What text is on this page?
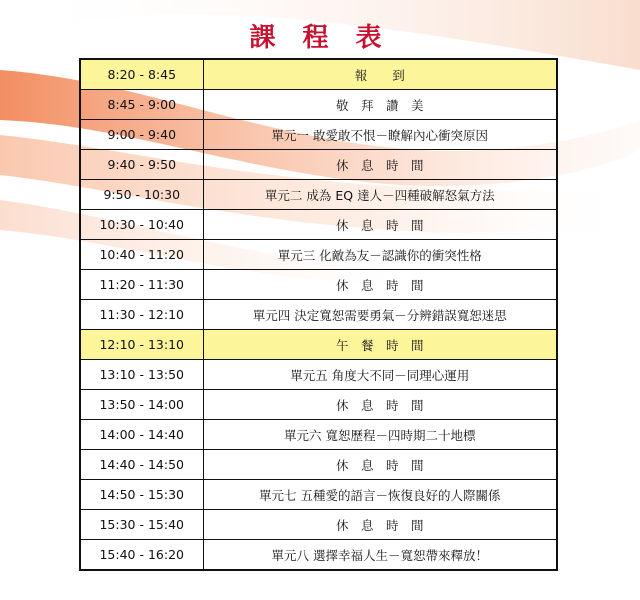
課 程 表
8:20 - 8:45	報　　到
8:45 - 9:00	敬　拜　讚　美
9:00 - 9:40	單元一 敢愛敢不恨－瞭解內心衝突原因
9:40 - 9:50	休　息　時　間
9:50 - 10:30	單元二 成為 EQ 達人－四種破解怒氣方法
10:30 - 10:40	休　息　時　間
10:40 - 11:20	單元三 化敵為友－認識你的衝突性格
11:20 - 11:30	休　息　時　間
11:30 - 12:10	單元四 決定寬恕需要勇氣－分辨錯誤寬恕迷思
12:10 - 13:10	午　餐　時　間
13:10 - 13:50	單元五 角度大不同－同理心運用
13:50 - 14:00	休　息　時　間
14:00 - 14:40	單元六 寬恕歷程－四時期二十地標
14:40 - 14:50	休　息　時　間
14:50 - 15:30	單元七 五種愛的語言－恢復良好的人際關係
15:30 - 15:40	休　息　時　間
15:40 - 16:20	單元八 選擇幸福人生－寬恕帶來釋放！
